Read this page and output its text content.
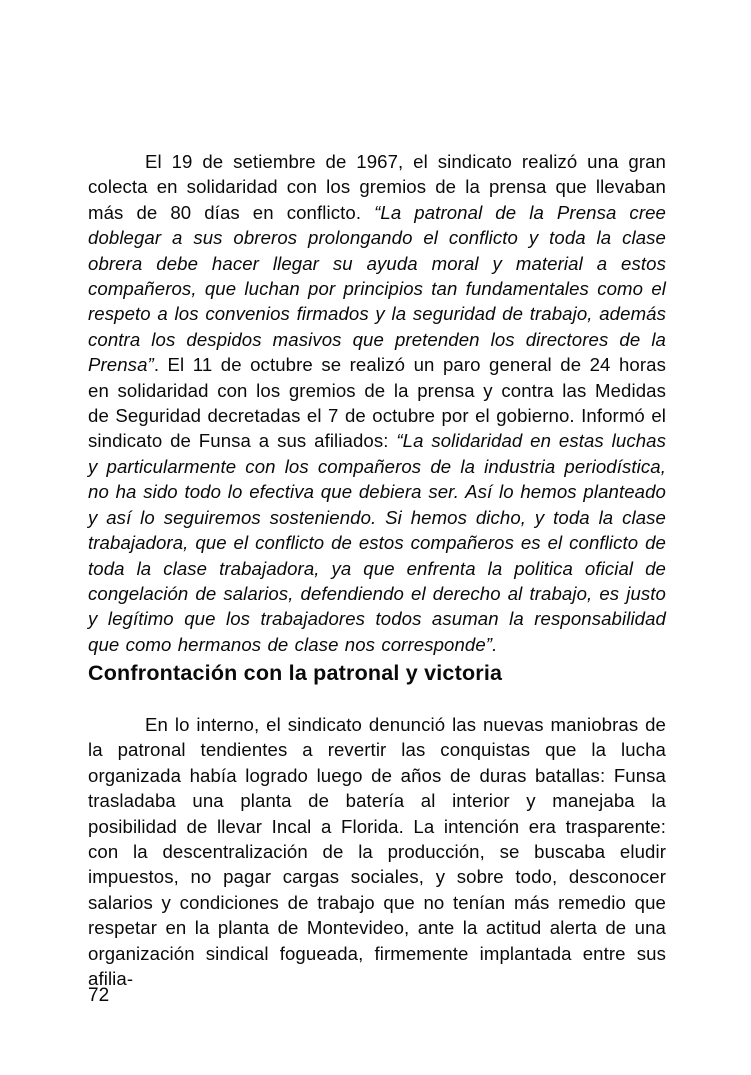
El 19 de setiembre de 1967, el sindicato realizó una gran colecta en solidaridad con los gremios de la prensa que llevaban más de 80 días en conflicto. “La patronal de la Prensa cree doblegar a sus obreros prolongando el conflicto y toda la clase obrera debe hacer llegar su ayuda moral y material a estos compañeros, que luchan por principios tan fundamentales como el respeto a los convenios firmados y la seguridad de trabajo, además contra los despidos masivos que pretenden los directores de la Prensa”. El 11 de octubre se realizó un paro general de 24 horas en solidaridad con los gremios de la prensa y contra las Medidas de Seguridad decretadas el 7 de octubre por el gobierno. Informó el sindicato de Funsa a sus afiliados: “La solidaridad en estas luchas y particularmente con los compañeros de la industria periodística, no ha sido todo lo efectiva que debiera ser. Así lo hemos planteado y así lo seguiremos sosteniendo. Si hemos dicho, y toda la clase trabajadora, que el conflicto de estos compañeros es el conflicto de toda la clase trabajadora, ya que enfrenta la politica oficial de congelación de salarios, defendiendo el derecho al trabajo, es justo y legítimo que los trabajadores todos asuman la responsabilidad que como hermanos de clase nos corresponde”.

Confrontación con la patronal y victoria

En lo interno, el sindicato denunció las nuevas maniobras de la patronal tendientes a revertir las conquistas que la lucha organizada había logrado luego de años de duras batallas: Funsa trasladaba una planta de batería al interior y manejaba la posibilidad de llevar Incal a Florida. La intención era trasparente: con la descentralización de la producción, se buscaba eludir impuestos, no pagar cargas sociales, y sobre todo, desconocer salarios y condiciones de trabajo que no tenían más remedio que respetar en la planta de Montevideo, ante la actitud alerta de una organización sindical fogueada, firmemente implantada entre sus afilia-

72
